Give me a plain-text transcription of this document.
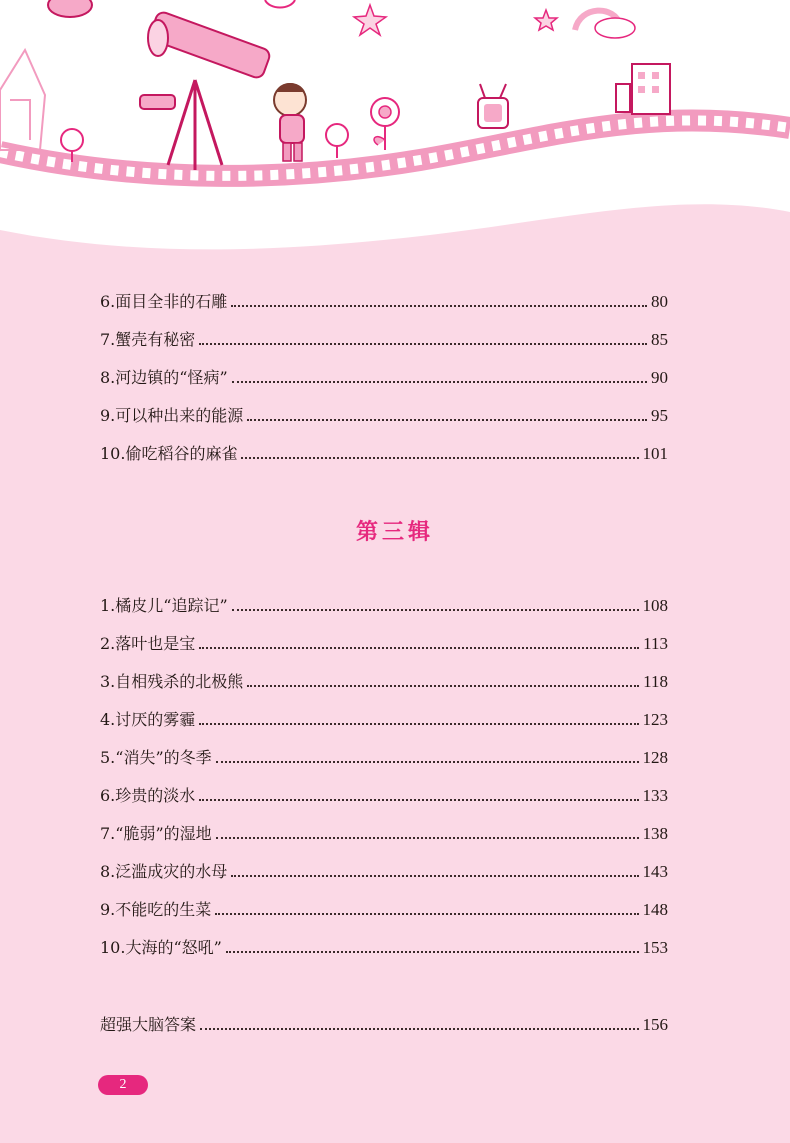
6.面目全非的石雕	80
7.蟹壳有秘密	85
8.河边镇的“怪病”	90
9.可以种出来的能源	95
10.偷吃稻谷的麻雀	101
第三辑
1.橘皮儿“追踪记”	108
2.落叶也是宝	113
3.自相残杀的北极熊	118
4.讨厌的雾霾	123
5.“消失”的冬季	128
6.珍贵的淡水	133
7.“脆弱”的湿地	138
8.泛滥成灾的水母	143
9.不能吃的生菜	148
10.大海的“怒吼”	153
超强大脑答案	156
2
